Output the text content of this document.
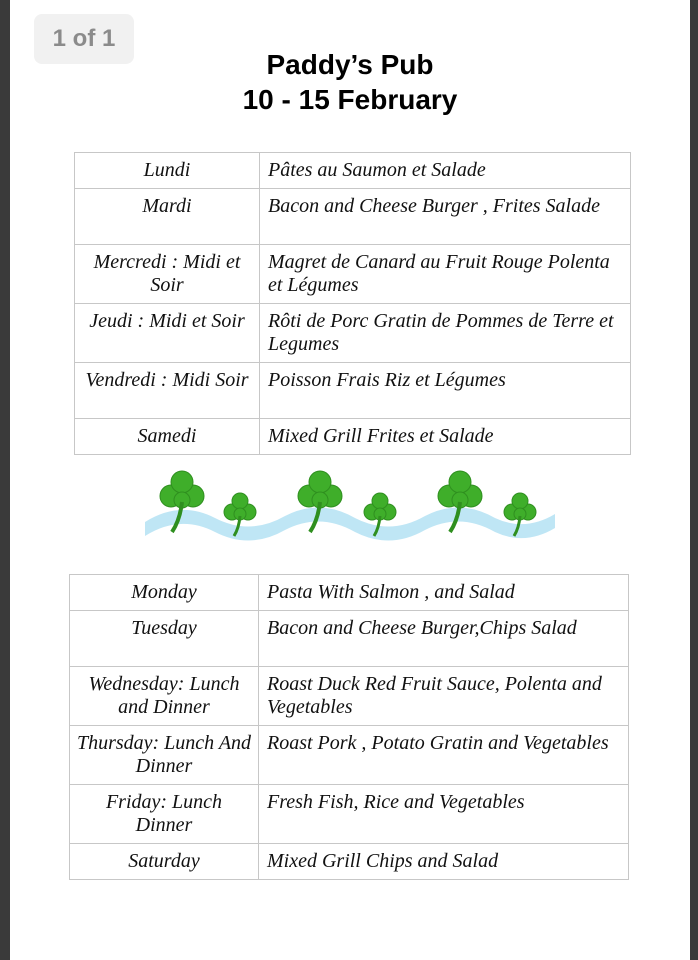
1 of 1
Paddy’s Pub
10 - 15 February
Lundi	Pâtes au Saumon et Salade
Mardi	Bacon and Cheese Burger , Frites Salade
Mercredi : Midi et Soir	Magret de Canard au Fruit Rouge Polenta et Légumes
Jeudi : Midi et Soir	Rôti de Porc Gratin de Pommes de Terre et Legumes
Vendredi : Midi Soir	Poisson Frais Riz et Légumes
Samedi	Mixed Grill Frites et Salade
Monday	Pasta With Salmon , and Salad
Tuesday	Bacon and Cheese Burger,Chips Salad
Wednesday: Lunch and Dinner	Roast Duck Red Fruit Sauce, Polenta and Vegetables
Thursday: Lunch And Dinner	Roast Pork , Potato Gratin and Vegetables
Friday: Lunch Dinner	Fresh Fish, Rice and Vegetables
Saturday	Mixed Grill Chips and Salad
